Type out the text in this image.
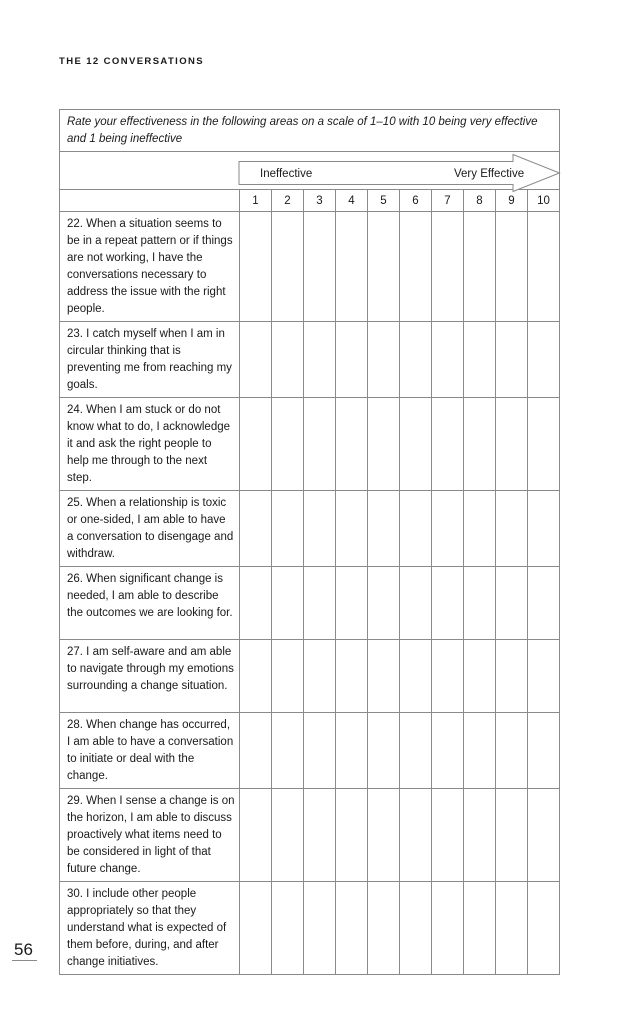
THE 12 CONVERSATIONS
Rate your effectiveness in the following areas on a scale of 1–10 with 10 being very effective and 1 being ineffective										

Ineffective Very Effective									

	1	2	3	4	5	6	7	8	9	10
22. When a situation seems to be in a repeat pattern or if things are not working, I have the conversations necessary to address the issue with the right people.										
23. I catch myself when I am in circular thinking that is preventing me from reaching my goals.										
24. When I am stuck or do not know what to do, I acknowledge it and ask the right people to help me through to the next step.										
25. When a relationship is toxic or one-sided, I am able to have a conversation to disengage and withdraw.										
26. When significant change is needed, I am able to describe the outcomes we are looking for.										
27. I am self-aware and am able to navigate through my emotions surrounding a change situation.										
28. When change has occurred, I am able to have a conversation to initiate or deal with the change.										
29. When I sense a change is on the horizon, I am able to discuss proactively what items need to be considered in light of that future change.										
30. I include other people appropriately so that they understand what is expected of them before, during, and after change initiatives.										
56
